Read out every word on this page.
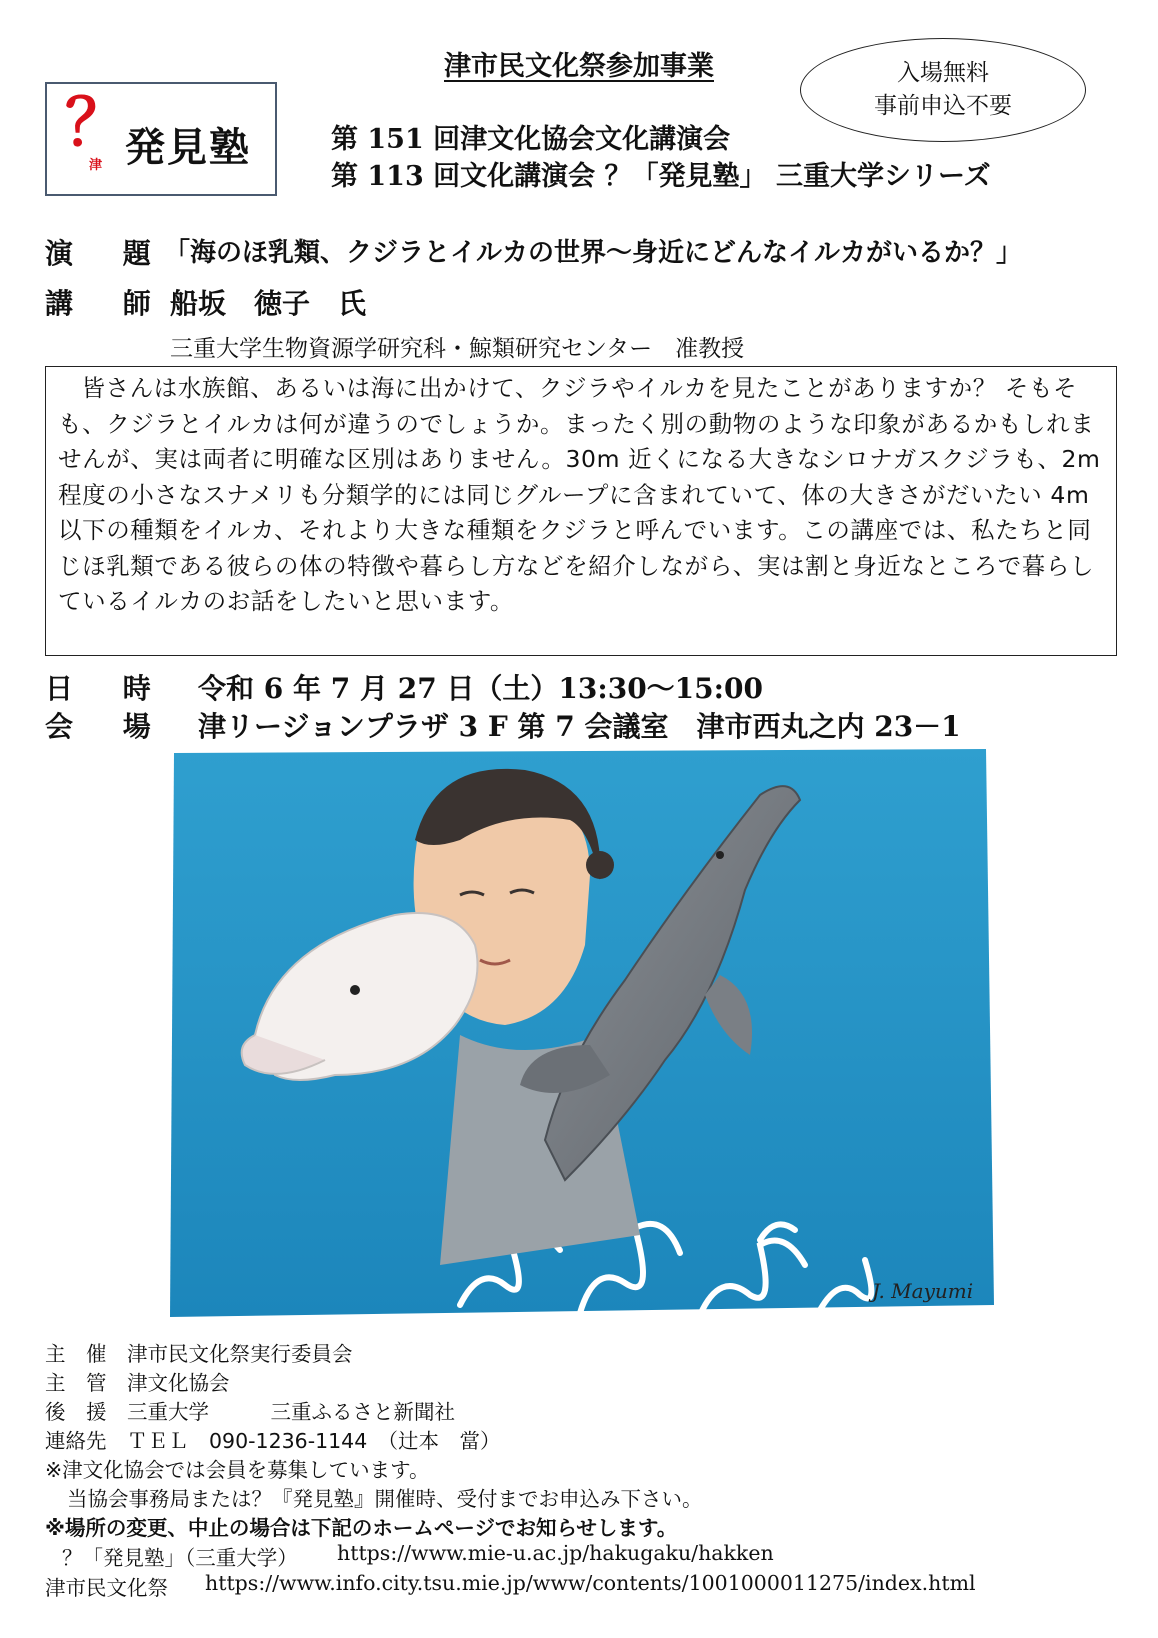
津市民文化祭参加事業
？
津 発見塾
入場無料
事前申込不要
第 151 回津文化協会文化講演会
第 113 回文化講演会 ？「発見塾」 三重大学シリーズ
演 題
「海のほ乳類、クジラとイルカの世界～身近にどんなイルカがいるか？」
講 師 船坂　徳子　氏
三重大学生物資源学研究科・鯨類研究センター　准教授
皆さんは水族館、あるいは海に出かけて、クジラやイルカを見たことがありますか？ そもそも、クジラとイルカは何が違うのでしょうか。まったく別の動物のような印象があるかもしれませんが、実は両者に明確な区別はありません。30m 近くになる大きなシロナガスクジラも、2m程度の小さなスナメリも分類学的には同じグループに含まれていて、体の大きさがだいたい 4m 以下の種類をイルカ、それより大きな種類をクジラと呼んでいます。この講座では、私たちと同じほ乳類である彼らの体の特徴や暮らし方などを紹介しながら、実は割と身近なところで暮らしているイルカのお話をしたいと思います。
日 時 令和 6 年 7 月 27 日（土）13:30～15:00
会 場 津リージョンプラザ 3 F 第 7 会議室　津市西丸之内 23－1
J. Mayumi
主　催　津市民文化祭実行委員会
主　管　津文化協会
後　援　三重大学　　　三重ふるさと新聞社
連絡先　ＴＥＬ　090-1236-1144　（辻本　當）
※津文化協会では会員を募集しています。
当協会事務局または？『発見塾』開催時、受付までお申込み下さい。
※場所の変更、中止の場合は下記のホームページでお知らせします。
？「発見塾」（三重大学） https://www.mie-u.ac.jp/hakugaku/hakken
津市民文化祭 https://www.info.city.tsu.mie.jp/www/contents/1001000011275/index.html
